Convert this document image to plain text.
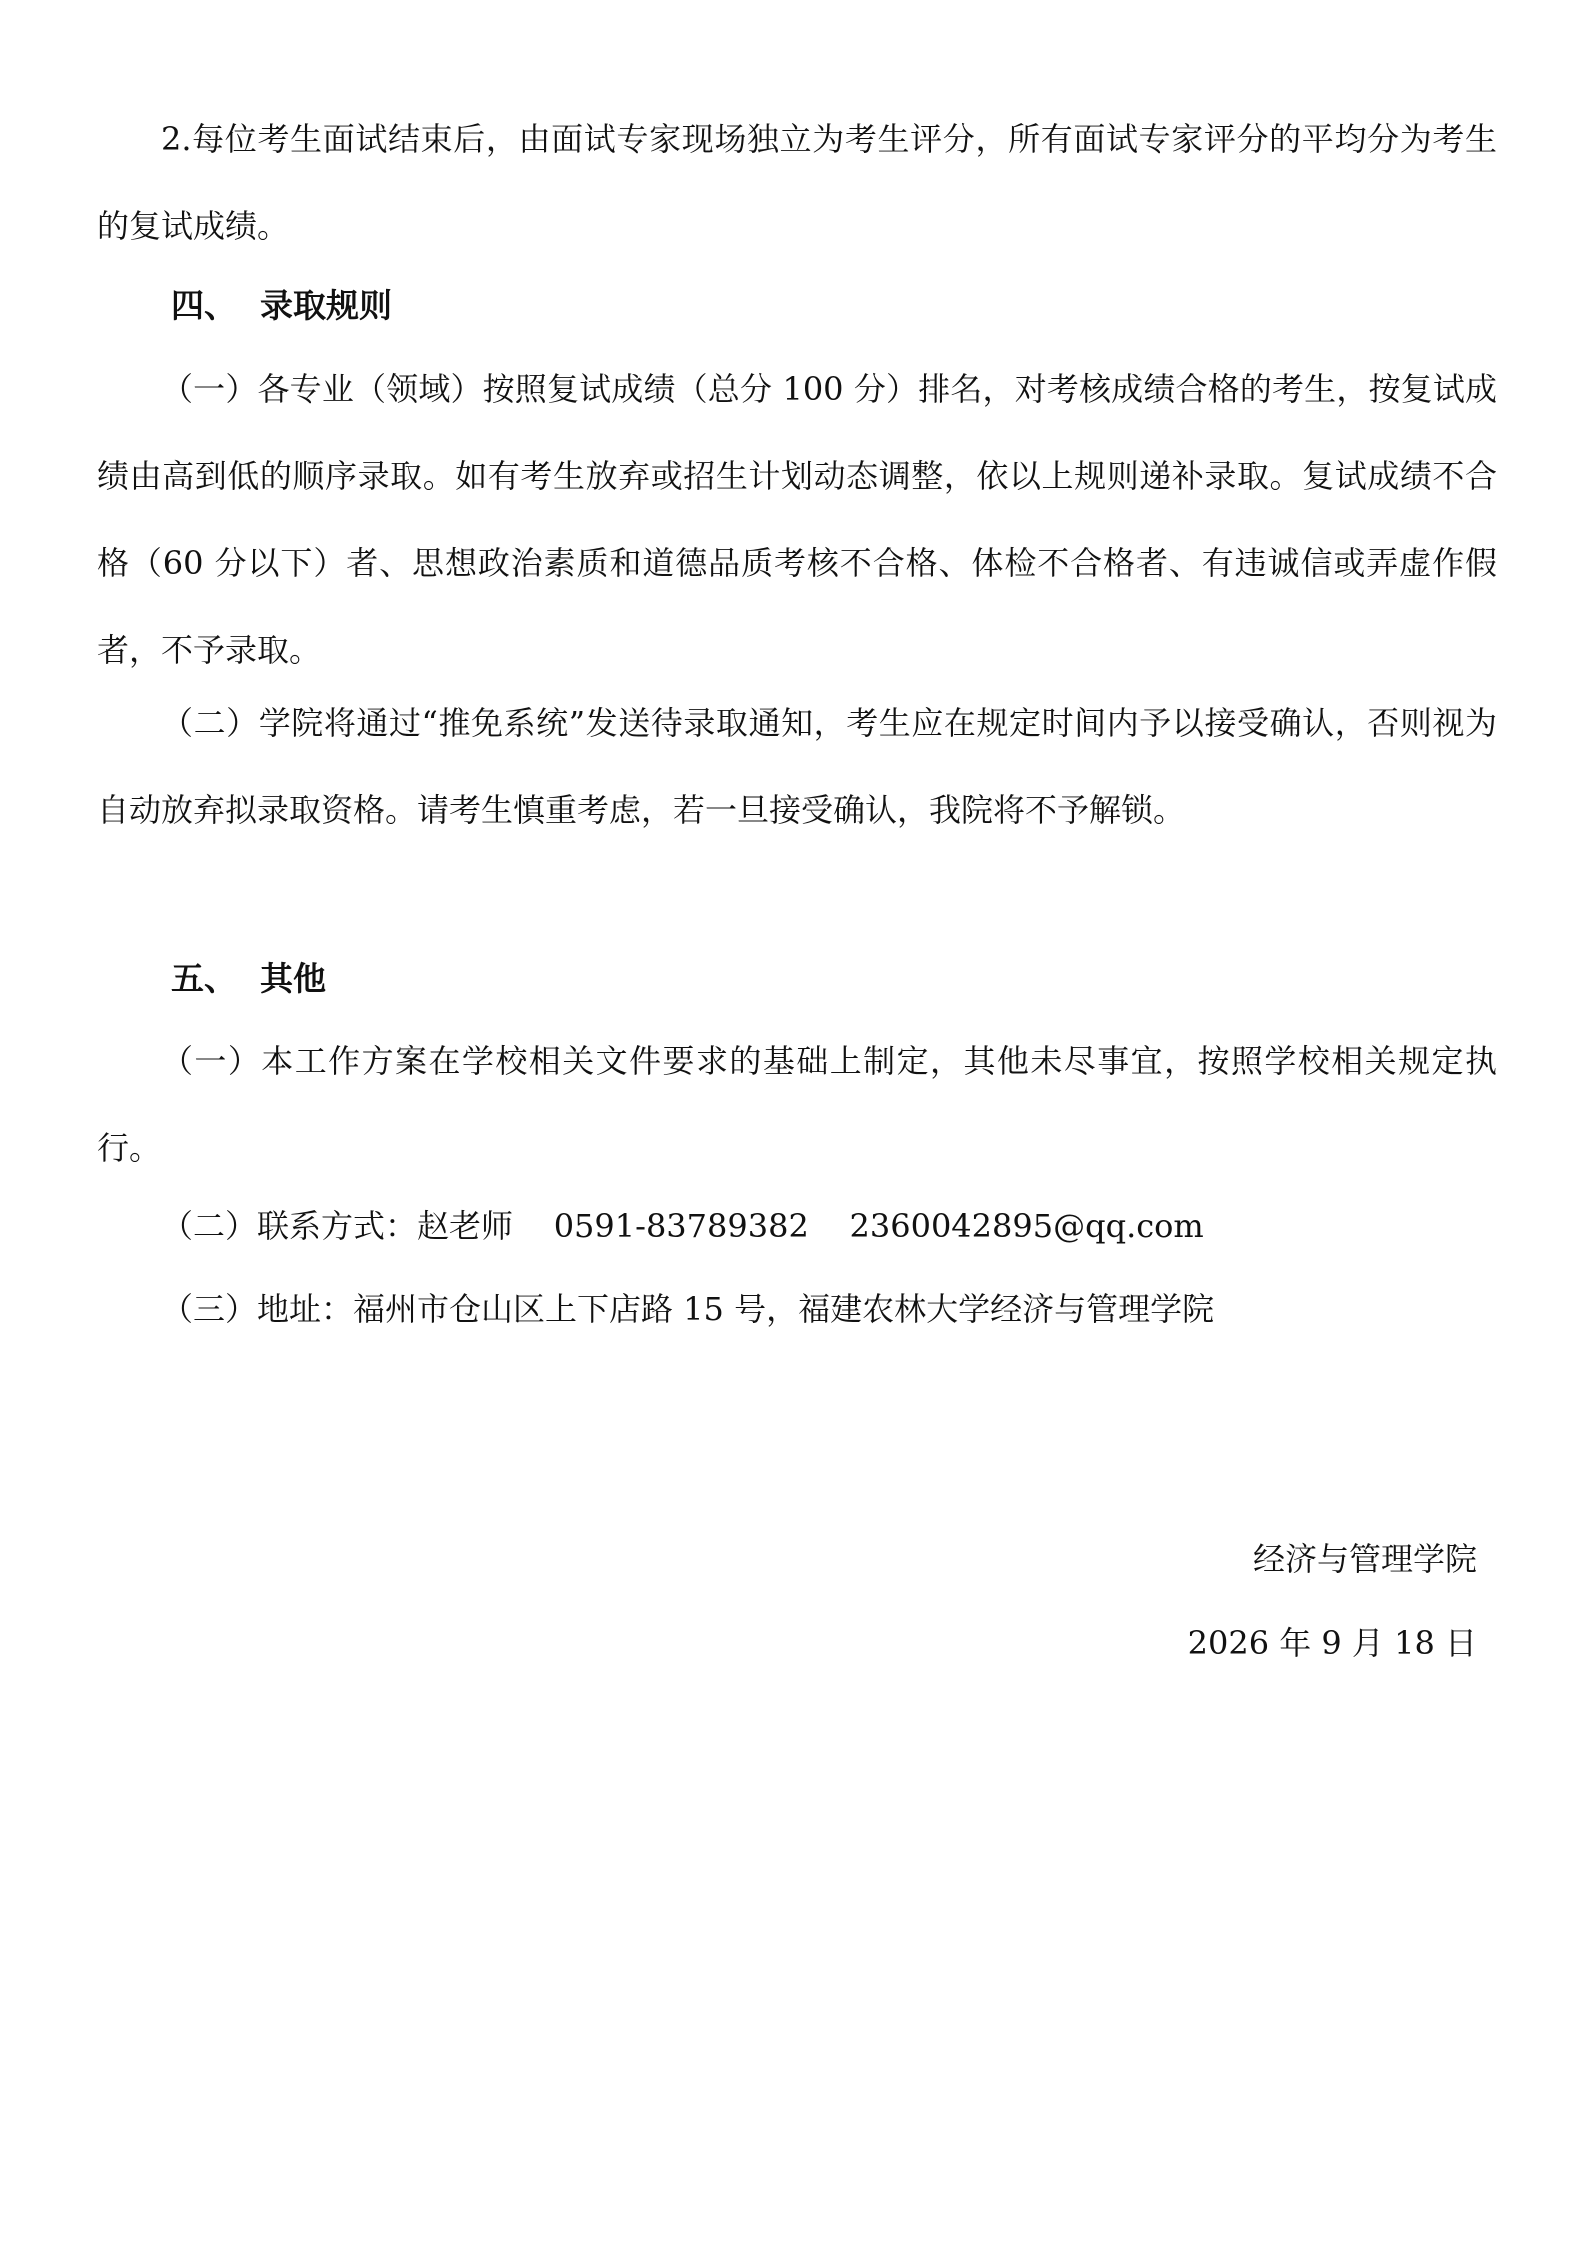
2.每位考生面试结束后，由面试专家现场独立为考生评分，所有面试专家评分的平均分为考生的复试成绩。

四、  录取规则

（一）各专业（领域）按照复试成绩（总分 100 分）排名，对考核成绩合格的考生，按复试成绩由高到低的顺序录取。如有考生放弃或招生计划动态调整，依以上规则递补录取。复试成绩不合格（60 分以下）者、思想政治素质和道德品质考核不合格、体检不合格者、有违诚信或弄虚作假者，不予录取。

（二）学院将通过“推免系统”发送待录取通知，考生应在规定时间内予以接受确认，否则视为自动放弃拟录取资格。请考生慎重考虑，若一旦接受确认，我院将不予解锁。

五、  其他

（一）本工作方案在学校相关文件要求的基础上制定，其他未尽事宜，按照学校相关规定执行。

（二）联系方式：赵老师    0591-83789382    2360042895@qq.com

（三）地址：福州市仓山区上下店路 15 号，福建农林大学经济与管理学院

经济与管理学院
2026 年 9 月 18 日
